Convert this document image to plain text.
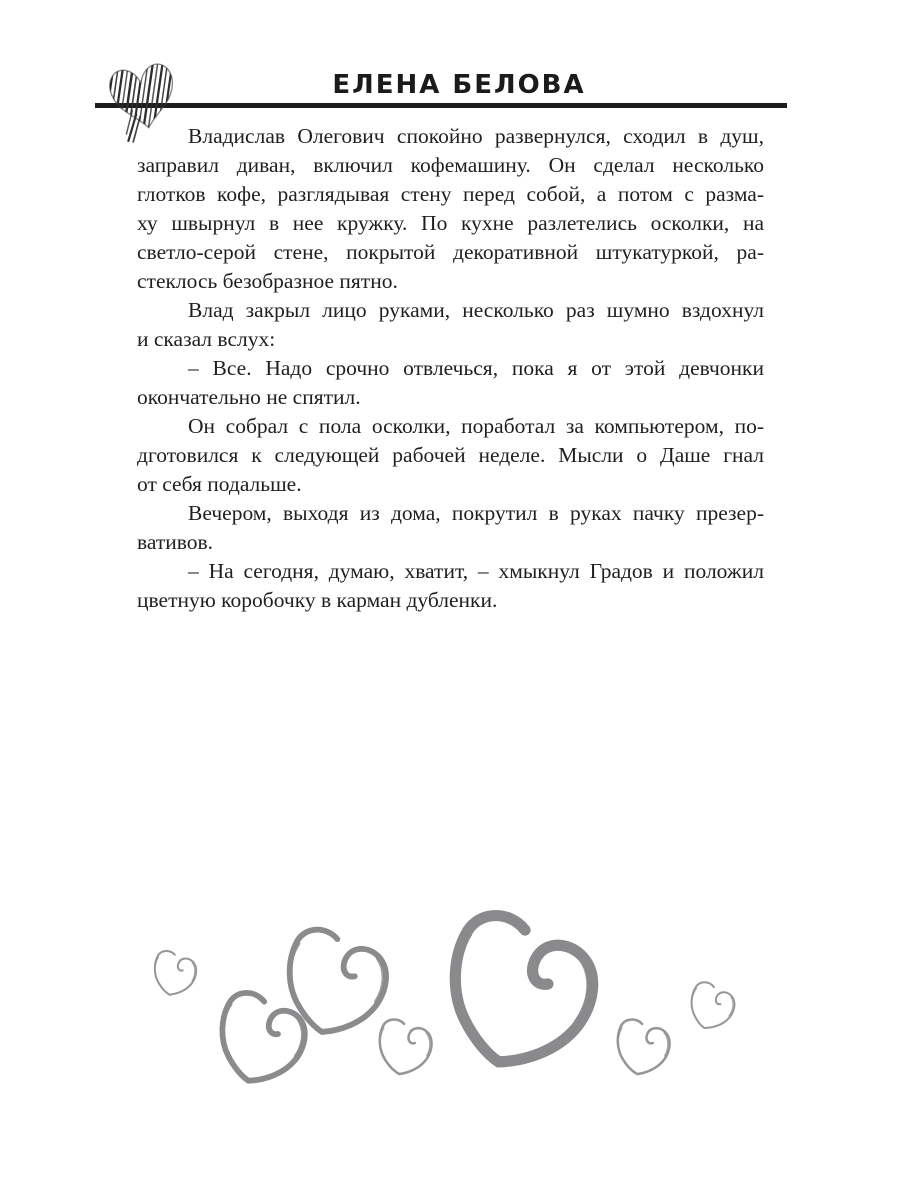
ЕЛЕНА БЕЛОВА
Владислав Олегович спокойно развернулся, сходил в душ,
заправил диван, включил кофемашину. Он сделал несколько
глотков кофе, разглядывая стену перед собой, а потом с разма-
ху швырнул в нее кружку. По кухне разлетелись осколки, на
светло-серой стене, покрытой декоративной штукатуркой, ра-
стеклось безобразное пятно.
Влад закрыл лицо руками, несколько раз шумно вздохнул
и сказал вслух:
– Все. Надо срочно отвлечься, пока я от этой девчонки
окончательно не спятил.
Он собрал с пола осколки, поработал за компьютером, по-
дготовился к следующей рабочей неделе. Мысли о Даше гнал
от себя подальше.
Вечером, выходя из дома, покрутил в руках пачку презер-
вативов.
– На сегодня, думаю, хватит, – хмыкнул Градов и положил
цветную коробочку в карман дубленки.
